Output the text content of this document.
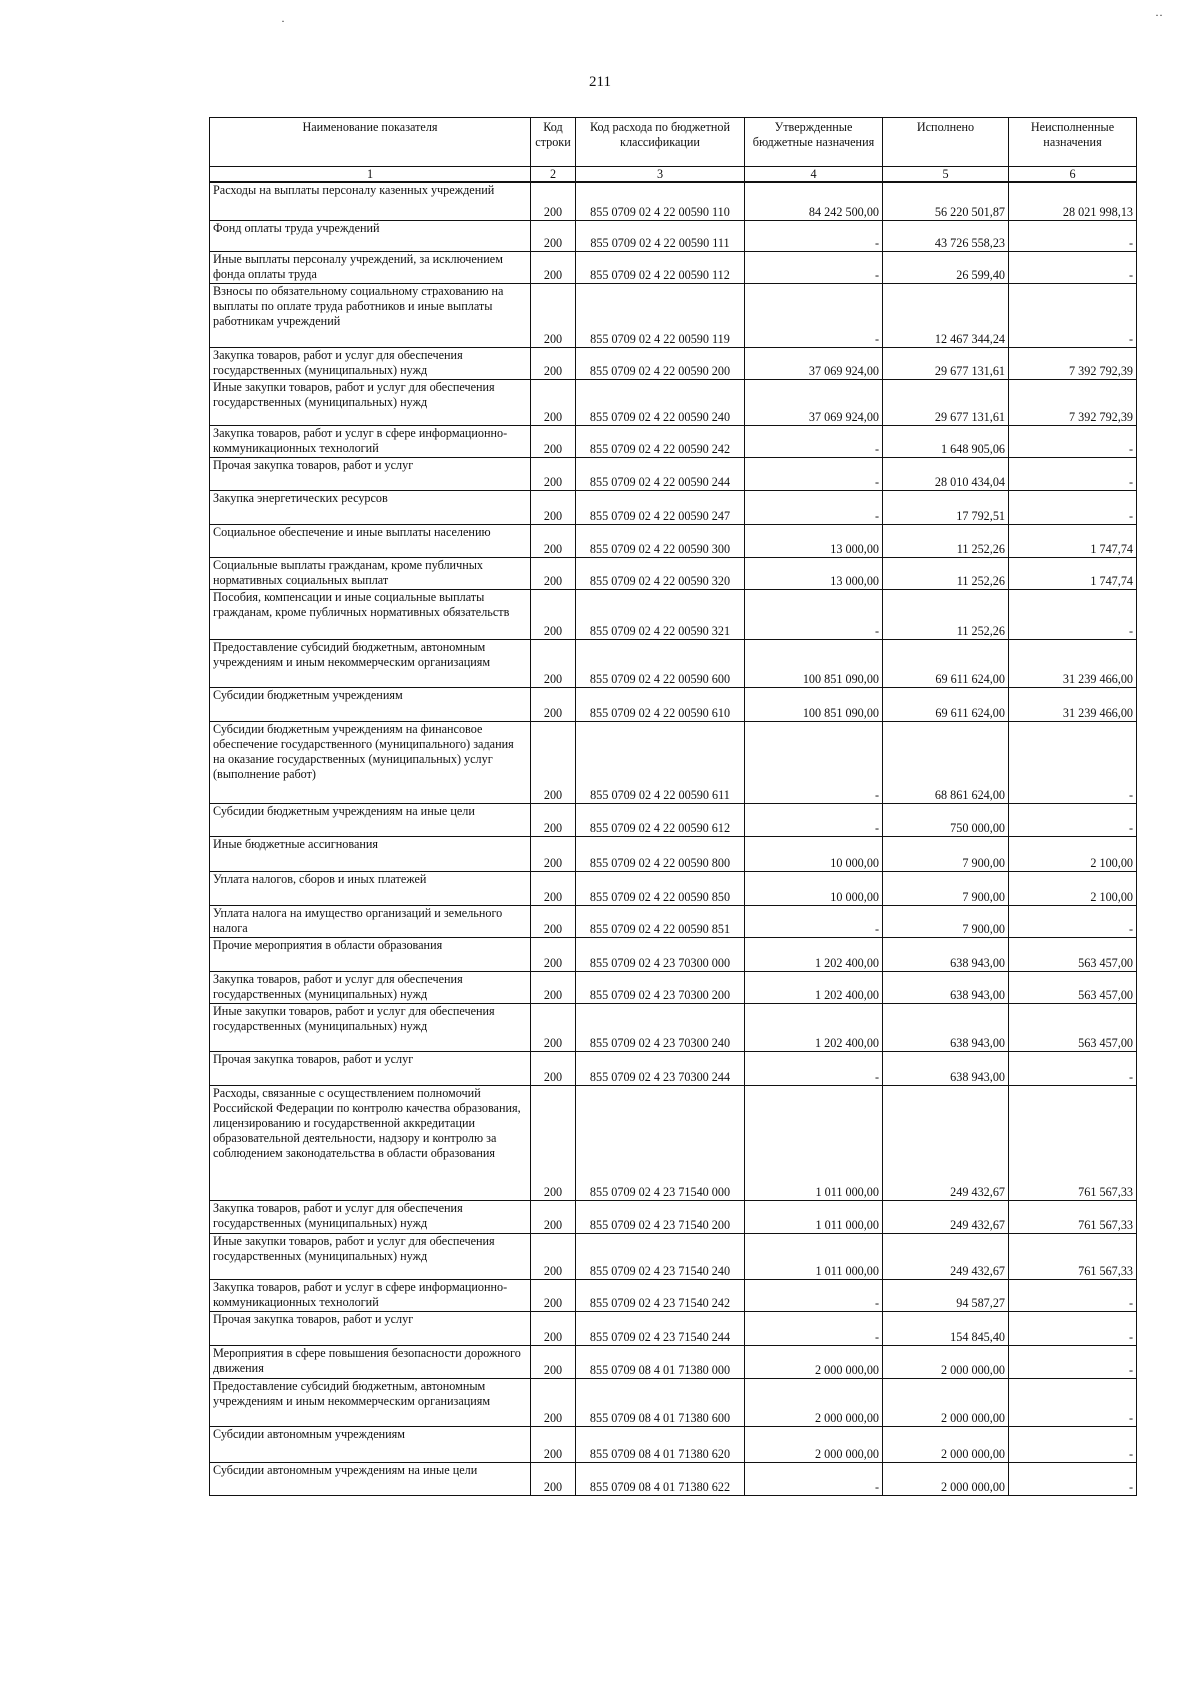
·	··
211
Наименование показателя	Код строки	Код расхода по бюджетной классификации	Утвержденные бюджетные назначения	Исполнено	Неисполненные назначения
1	2	3	4	5	6
Расходы на выплаты персоналу казенных учреждений	200	855 0709 02 4 22 00590 110	84 242 500,00	56 220 501,87	28 021 998,13
Фонд оплаты труда учреждений	200	855 0709 02 4 22 00590 111	-	43 726 558,23	-
Иные выплаты персоналу учреждений, за исключением фонда оплаты труда	200	855 0709 02 4 22 00590 112	-	26 599,40	-
Взносы по обязательному социальному страхованию на выплаты по оплате труда работников и иные выплаты работникам учреждений	200	855 0709 02 4 22 00590 119	-	12 467 344,24	-
Закупка товаров, работ и услуг для обеспечения государственных (муниципальных) нужд	200	855 0709 02 4 22 00590 200	37 069 924,00	29 677 131,61	7 392 792,39
Иные закупки товаров, работ и услуг для обеспечения государственных (муниципальных) нужд	200	855 0709 02 4 22 00590 240	37 069 924,00	29 677 131,61	7 392 792,39
Закупка товаров, работ и услуг в сфере информационно-коммуникационных технологий	200	855 0709 02 4 22 00590 242	-	1 648 905,06	-
Прочая закупка товаров, работ и услуг	200	855 0709 02 4 22 00590 244	-	28 010 434,04	-
Закупка энергетических ресурсов	200	855 0709 02 4 22 00590 247	-	17 792,51	-
Социальное обеспечение и иные выплаты населению	200	855 0709 02 4 22 00590 300	13 000,00	11 252,26	1 747,74
Социальные выплаты гражданам, кроме публичных нормативных социальных выплат	200	855 0709 02 4 22 00590 320	13 000,00	11 252,26	1 747,74
Пособия, компенсации и иные социальные выплаты гражданам, кроме публичных нормативных обязательств	200	855 0709 02 4 22 00590 321	-	11 252,26	-
Предоставление субсидий бюджетным, автономным учреждениям и иным некоммерческим организациям	200	855 0709 02 4 22 00590 600	100 851 090,00	69 611 624,00	31 239 466,00
Субсидии бюджетным учреждениям	200	855 0709 02 4 22 00590 610	100 851 090,00	69 611 624,00	31 239 466,00
Субсидии бюджетным учреждениям на финансовое обеспечение государственного (муниципального) задания на оказание государственных (муниципальных) услуг (выполнение работ)	200	855 0709 02 4 22 00590 611	-	68 861 624,00	-
Субсидии бюджетным учреждениям на иные цели	200	855 0709 02 4 22 00590 612	-	750 000,00	-
Иные бюджетные ассигнования	200	855 0709 02 4 22 00590 800	10 000,00	7 900,00	2 100,00
Уплата налогов, сборов и иных платежей	200	855 0709 02 4 22 00590 850	10 000,00	7 900,00	2 100,00
Уплата налога на имущество организаций и земельного налога	200	855 0709 02 4 22 00590 851	-	7 900,00	-
Прочие мероприятия в области образования	200	855 0709 02 4 23 70300 000	1 202 400,00	638 943,00	563 457,00
Закупка товаров, работ и услуг для обеспечения государственных (муниципальных) нужд	200	855 0709 02 4 23 70300 200	1 202 400,00	638 943,00	563 457,00
Иные закупки товаров, работ и услуг для обеспечения государственных (муниципальных) нужд	200	855 0709 02 4 23 70300 240	1 202 400,00	638 943,00	563 457,00
Прочая закупка товаров, работ и услуг	200	855 0709 02 4 23 70300 244	-	638 943,00	-
Расходы, связанные с осуществлением полномочий Российской Федерации по контролю качества образования, лицензированию и государственной аккредитации образовательной деятельности, надзору и контролю за соблюдением законодательства в области образования	200	855 0709 02 4 23 71540 000	1 011 000,00	249 432,67	761 567,33
Закупка товаров, работ и услуг для обеспечения государственных (муниципальных) нужд	200	855 0709 02 4 23 71540 200	1 011 000,00	249 432,67	761 567,33
Иные закупки товаров, работ и услуг для обеспечения государственных (муниципальных) нужд	200	855 0709 02 4 23 71540 240	1 011 000,00	249 432,67	761 567,33
Закупка товаров, работ и услуг в сфере информационно-коммуникационных технологий	200	855 0709 02 4 23 71540 242	-	94 587,27	-
Прочая закупка товаров, работ и услуг	200	855 0709 02 4 23 71540 244	-	154 845,40	-
Мероприятия в сфере повышения безопасности дорожного движения	200	855 0709 08 4 01 71380 000	2 000 000,00	2 000 000,00	-
Предоставление субсидий бюджетным, автономным учреждениям и иным некоммерческим организациям	200	855 0709 08 4 01 71380 600	2 000 000,00	2 000 000,00	-
Субсидии автономным учреждениям	200	855 0709 08 4 01 71380 620	2 000 000,00	2 000 000,00	-
Субсидии автономным учреждениям на иные цели	200	855 0709 08 4 01 71380 622	-	2 000 000,00	-
